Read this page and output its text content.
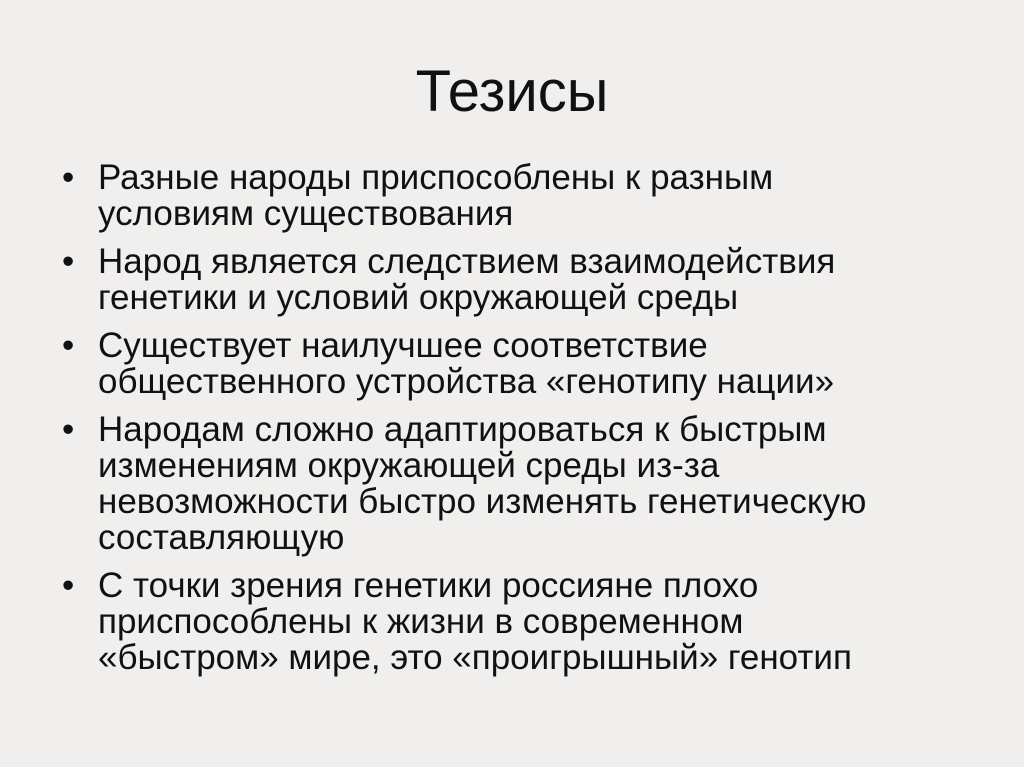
Тезисы
• Разные народы приспособлены к разным
условиям существования
• Народ является следствием взаимодействия
генетики и условий окружающей среды
• Существует наилучшее соответствие
общественного устройства «генотипу нации»
• Народам сложно адаптироваться к быстрым
изменениям окружающей среды из-за
невозможности быстро изменять генетическую
составляющую
• С точки зрения генетики россияне плохо
приспособлены к жизни в современном
«быстром» мире, это «проигрышный» генотип
